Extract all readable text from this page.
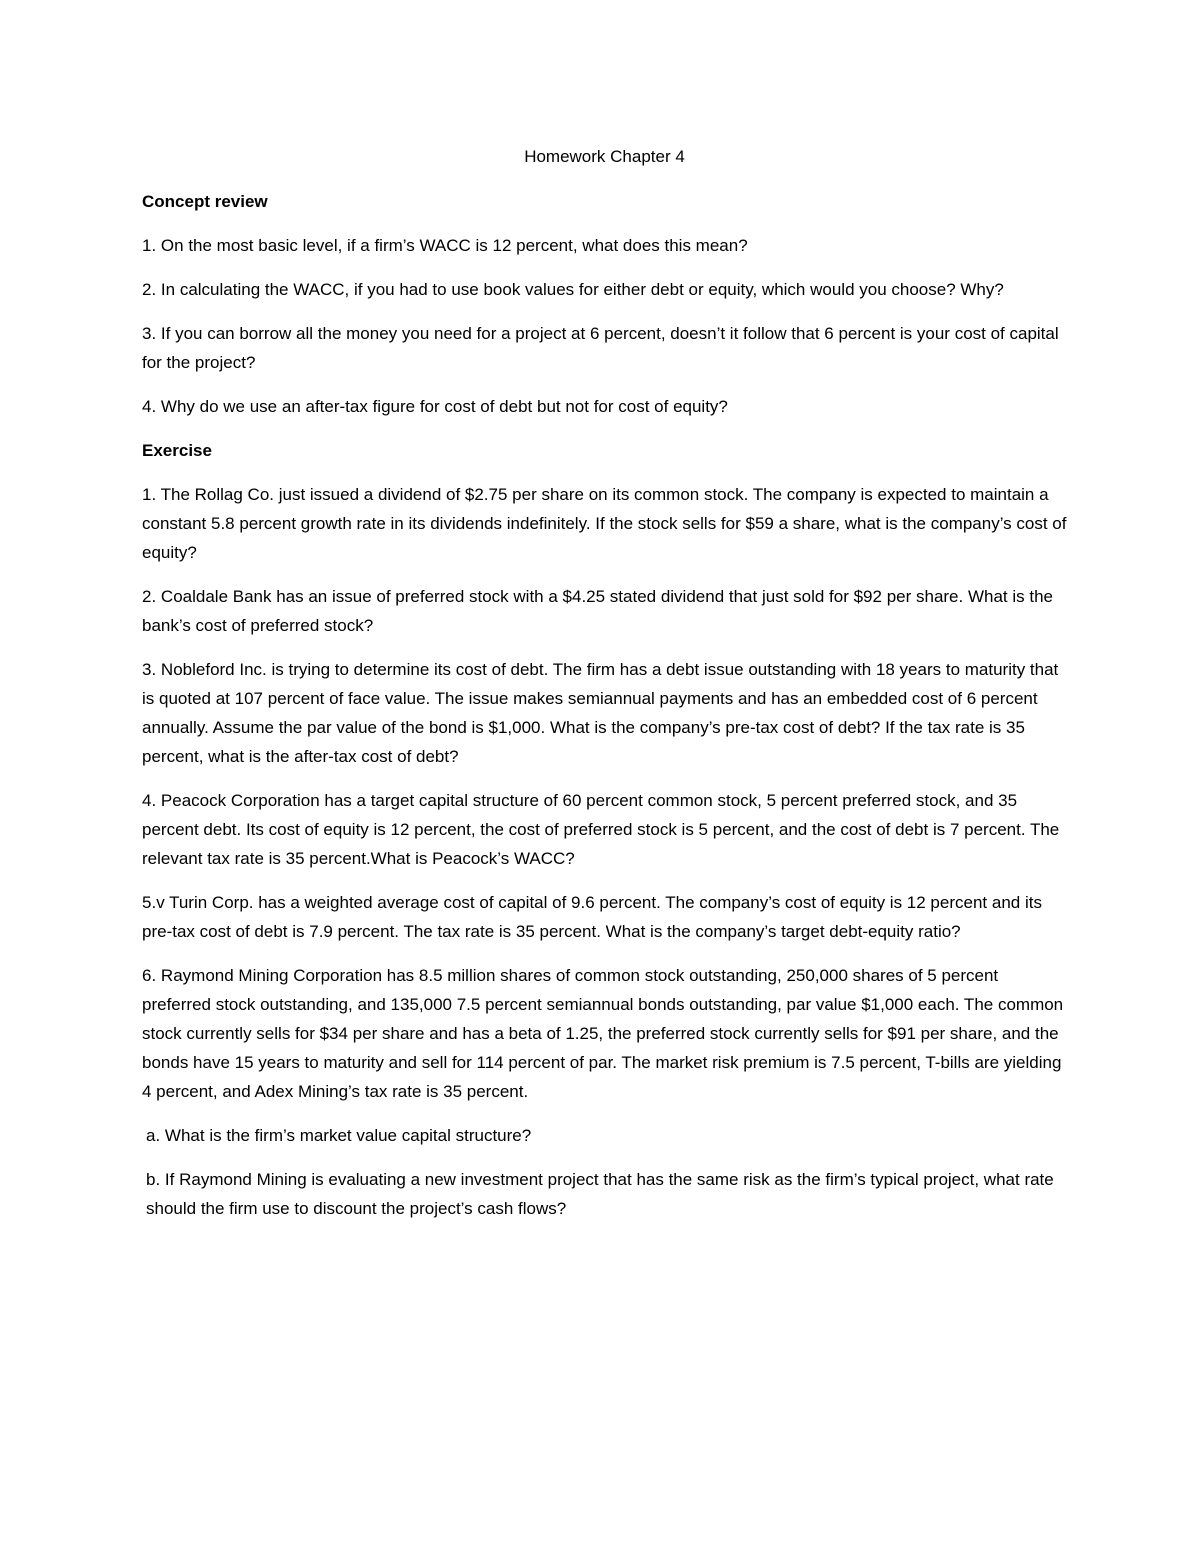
Homework Chapter 4
Concept review
1. On the most basic level, if a firm’s WACC is 12 percent, what does this mean?
2. In calculating the WACC, if you had to use book values for either debt or equity, which would you choose? Why?
3. If you can borrow all the money you need for a project at 6 percent, doesn’t it follow that 6 percent is your cost of capital for the project?
4. Why do we use an after-tax figure for cost of debt but not for cost of equity?
Exercise
1. The Rollag Co. just issued a dividend of $2.75 per share on its common stock. The company is expected to maintain a constant 5.8 percent growth rate in its dividends indefinitely. If the stock sells for $59 a share, what is the company’s cost of equity?
2. Coaldale Bank has an issue of preferred stock with a $4.25 stated dividend that just sold for $92 per share. What is the bank’s cost of preferred stock?
3. Nobleford Inc. is trying to determine its cost of debt. The firm has a debt issue outstanding with 18 years to maturity that is quoted at 107 percent of face value. The issue makes semiannual payments and has an embedded cost of 6 percent annually. Assume the par value of the bond is $1,000. What is the company’s pre-tax cost of debt? If the tax rate is 35 percent, what is the after-tax cost of debt?
4. Peacock Corporation has a target capital structure of 60 percent common stock, 5 percent preferred stock, and 35 percent debt. Its cost of equity is 12 percent, the cost of preferred stock is 5 percent, and the cost of debt is 7 percent. The relevant tax rate is 35 percent.What is Peacock’s WACC?
5.v Turin Corp. has a weighted average cost of capital of 9.6 percent. The company’s cost of equity is 12 percent and its pre-tax cost of debt is 7.9 percent. The tax rate is 35 percent. What is the company’s target debt-equity ratio?
6. Raymond Mining Corporation has 8.5 million shares of common stock outstanding, 250,000 shares of 5 percent preferred stock outstanding, and 135,000 7.5 percent semiannual bonds outstanding, par value $1,000 each. The common stock currently sells for $34 per share and has a beta of 1.25, the preferred stock currently sells for $91 per share, and the bonds have 15 years to maturity and sell for 114 percent of par. The market risk premium is 7.5 percent, T-bills are yielding 4 percent, and Adex Mining’s tax rate is 35 percent.
a. What is the firm’s market value capital structure?
b. If Raymond Mining is evaluating a new investment project that has the same risk as the firm’s typical project, what rate should the firm use to discount the project’s cash flows?
